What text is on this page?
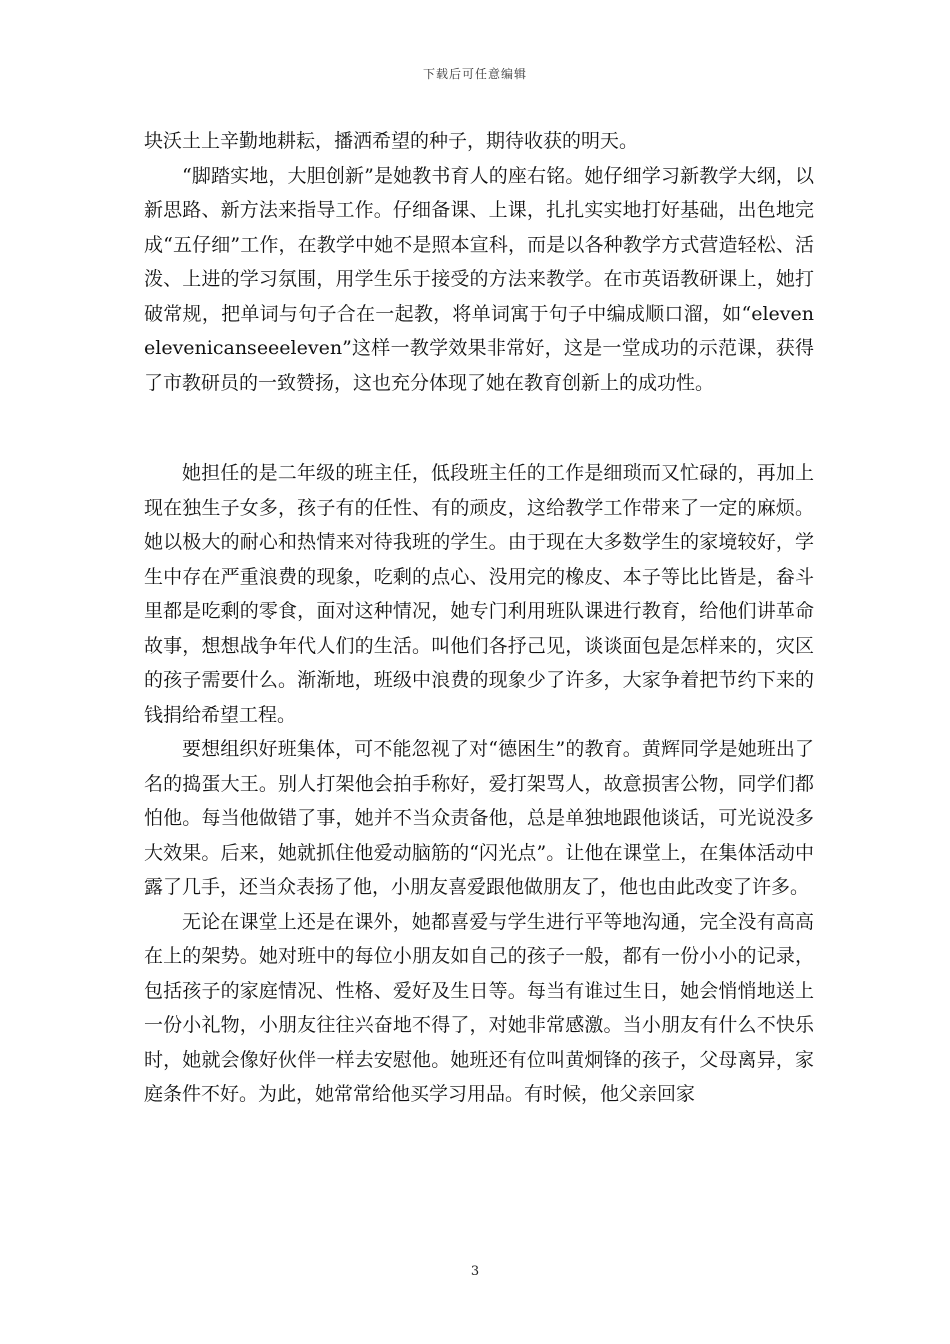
下载后可任意编辑

块沃土上辛勤地耕耘，播洒希望的种子，期待收获的明天。

“脚踏实地，大胆创新”是她教书育人的座右铭。她仔细学习新教学大纲，以新思路、新方法来指导工作。仔细备课、上课，扎扎实实地打好基础，出色地完成“五仔细”工作，在教学中她不是照本宣科，而是以各种教学方式营造轻松、活泼、上进的学习氛围，用学生乐于接受的方法来教学。在市英语教研课上，她打破常规，把单词与句子合在一起教，将单词寓于句子中编成顺口溜，如“elevenelevenicanseeeleven”这样一教学效果非常好，这是一堂成功的示范课，获得了市教研员的一致赞扬，这也充分体现了她在教育创新上的成功性。

她担任的是二年级的班主任，低段班主任的工作是细琐而又忙碌的，再加上现在独生子女多，孩子有的任性、有的顽皮，这给教学工作带来了一定的麻烦。她以极大的耐心和热情来对待我班的学生。由于现在大多数学生的家境较好，学生中存在严重浪费的现象，吃剩的点心、没用完的橡皮、本子等比比皆是，畚斗里都是吃剩的零食，面对这种情况，她专门利用班队课进行教育，给他们讲革命故事，想想战争年代人们的生活。叫他们各抒己见，谈谈面包是怎样来的，灾区的孩子需要什么。渐渐地，班级中浪费的现象少了许多，大家争着把节约下来的钱捐给希望工程。

要想组织好班集体，可不能忽视了对“德困生”的教育。黄辉同学是她班出了名的捣蛋大王。别人打架他会拍手称好，爱打架骂人，故意损害公物，同学们都怕他。每当他做错了事，她并不当众责备他，总是单独地跟他谈话，可光说没多大效果。后来，她就抓住他爱动脑筋的“闪光点”。让他在课堂上，在集体活动中露了几手，还当众表扬了他，小朋友喜爱跟他做朋友了，他也由此改变了许多。

无论在课堂上还是在课外，她都喜爱与学生进行平等地沟通，完全没有高高在上的架势。她对班中的每位小朋友如自己的孩子一般，都有一份小小的记录，包括孩子的家庭情况、性格、爱好及生日等。每当有谁过生日，她会悄悄地送上一份小礼物，小朋友往往兴奋地不得了，对她非常感激。当小朋友有什么不快乐时，她就会像好伙伴一样去安慰他。她班还有位叫黄炯锋的孩子，父母离异，家庭条件不好。为此，她常常给他买学习用品。有时候，他父亲回家

3
